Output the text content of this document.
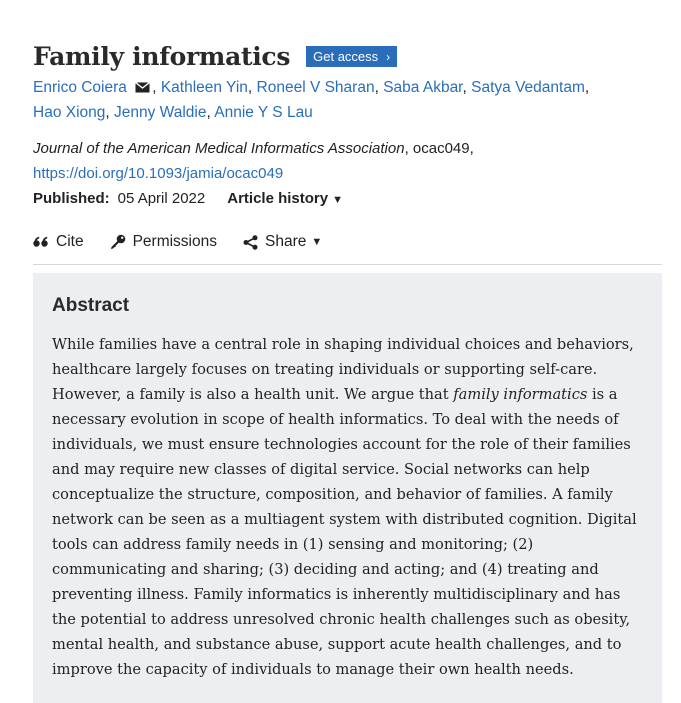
Family informatics Get access ›
Enrico Coiera , Kathleen Yin, Roneel V Sharan, Saba Akbar, Satya Vedantam,
Hao Xiong, Jenny Waldie, Annie Y S Lau
Journal of the American Medical Informatics Association, ocac049,
https://doi.org/10.1093/jamia/ocac049
Published: 05 April 2022 Article history ▼
Cite	Permissions	Share ▼
Abstract

While families have a central role in shaping individual choices and behaviors, healthcare largely focuses on treating individuals or supporting self-care. However, a family is also a health unit. We argue that family informatics is a necessary evolution in scope of health informatics. To deal with the needs of individuals, we must ensure technologies account for the role of their families and may require new classes of digital service. Social networks can help conceptualize the structure, composition, and behavior of families. A family network can be seen as a multiagent system with distributed cognition. Digital tools can address family needs in (1) sensing and monitoring; (2) communicating and sharing; (3) deciding and acting; and (4) treating and preventing illness. Family informatics is inherently multidisciplinary and has the potential to address unresolved chronic health challenges such as obesity, mental health, and substance abuse, support acute health challenges, and to improve the capacity of individuals to manage their own health needs.
